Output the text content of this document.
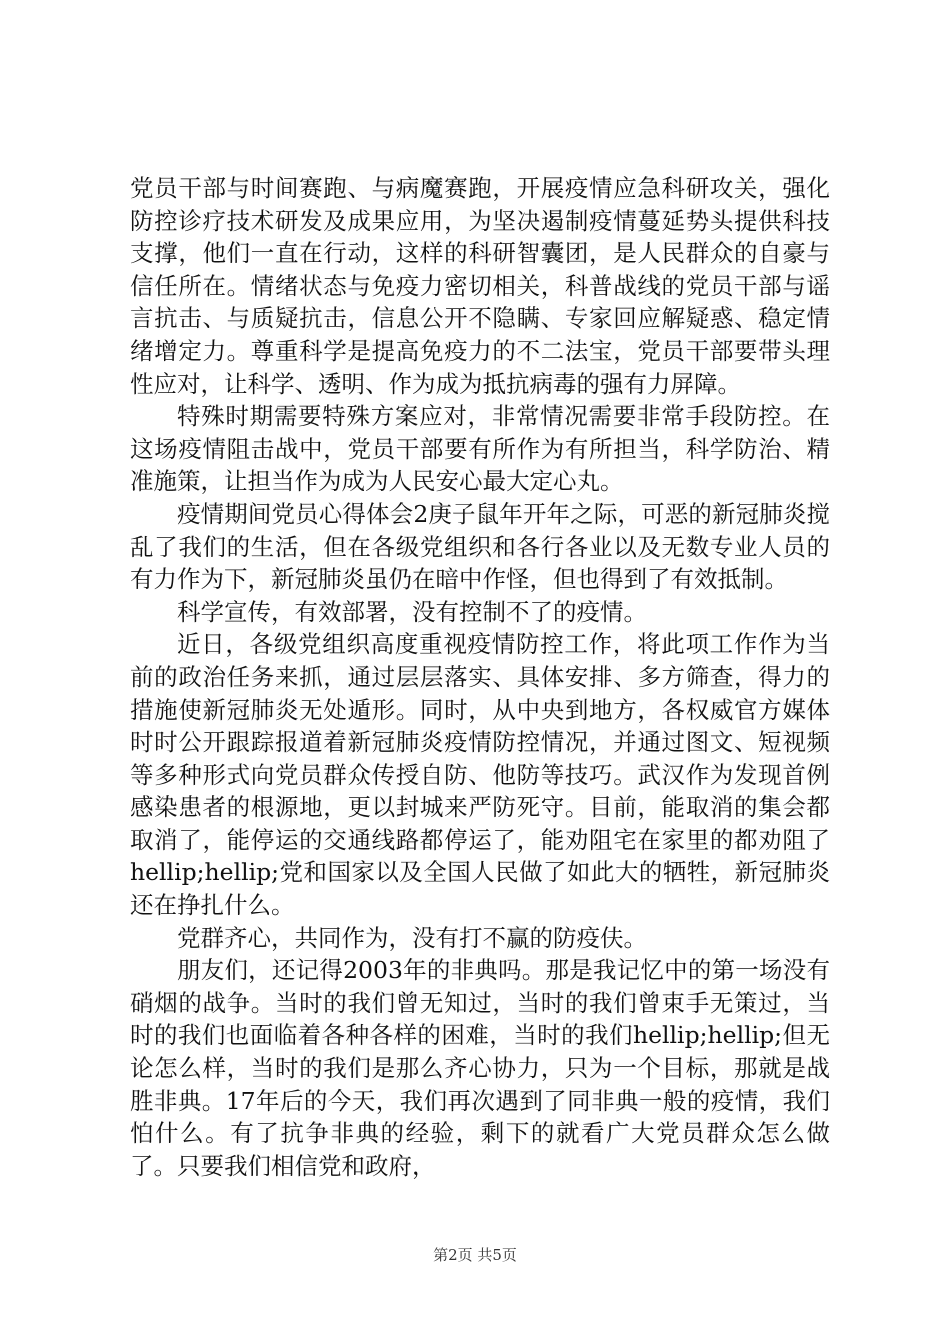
党员干部与时间赛跑、与病魔赛跑，开展疫情应急科研攻关，强化防控诊疗技术研发及成果应用，为坚决遏制疫情蔓延势头提供科技支撑，他们一直在行动，这样的科研智囊团，是人民群众的自豪与信任所在。情绪状态与免疫力密切相关，科普战线的党员干部与谣言抗击、与质疑抗击，信息公开不隐瞒、专家回应解疑惑、稳定情绪增定力。尊重科学是提高免疫力的不二法宝，党员干部要带头理性应对，让科学、透明、作为成为抵抗病毒的强有力屏障。

特殊时期需要特殊方案应对，非常情况需要非常手段防控。在这场疫情阻击战中，党员干部要有所作为有所担当，科学防治、精准施策，让担当作为成为人民安心最大定心丸。

疫情期间党员心得体会2庚子鼠年开年之际，可恶的新冠肺炎搅乱了我们的生活，但在各级党组织和各行各业以及无数专业人员的有力作为下，新冠肺炎虽仍在暗中作怪，但也得到了有效抵制。

科学宣传，有效部署，没有控制不了的疫情。

近日，各级党组织高度重视疫情防控工作，将此项工作作为当前的政治任务来抓，通过层层落实、具体安排、多方筛查，得力的措施使新冠肺炎无处遁形。同时，从中央到地方，各权威官方媒体时时公开跟踪报道着新冠肺炎疫情防控情况，并通过图文、短视频等多种形式向党员群众传授自防、他防等技巧。武汉作为发现首例感染患者的根源地，更以封城来严防死守。目前，能取消的集会都取消了，能停运的交通线路都停运了，能劝阻宅在家里的都劝阻了hellip;hellip;党和国家以及全国人民做了如此大的牺牲，新冠肺炎还在挣扎什么。

党群齐心，共同作为，没有打不赢的防疫伕。

朋友们，还记得2003年的非典吗。那是我记忆中的第一场没有硝烟的战争。当时的我们曾无知过，当时的我们曾束手无策过，当时的我们也面临着各种各样的困难，当时的我们hellip;hellip;但无论怎么样，当时的我们是那么齐心协力，只为一个目标，那就是战胜非典。17年后的今天，我们再次遇到了同非典一般的疫情，我们怕什么。有了抗争非典的经验，剩下的就看广大党员群众怎么做了。只要我们相信党和政府，

第2页 共5页
